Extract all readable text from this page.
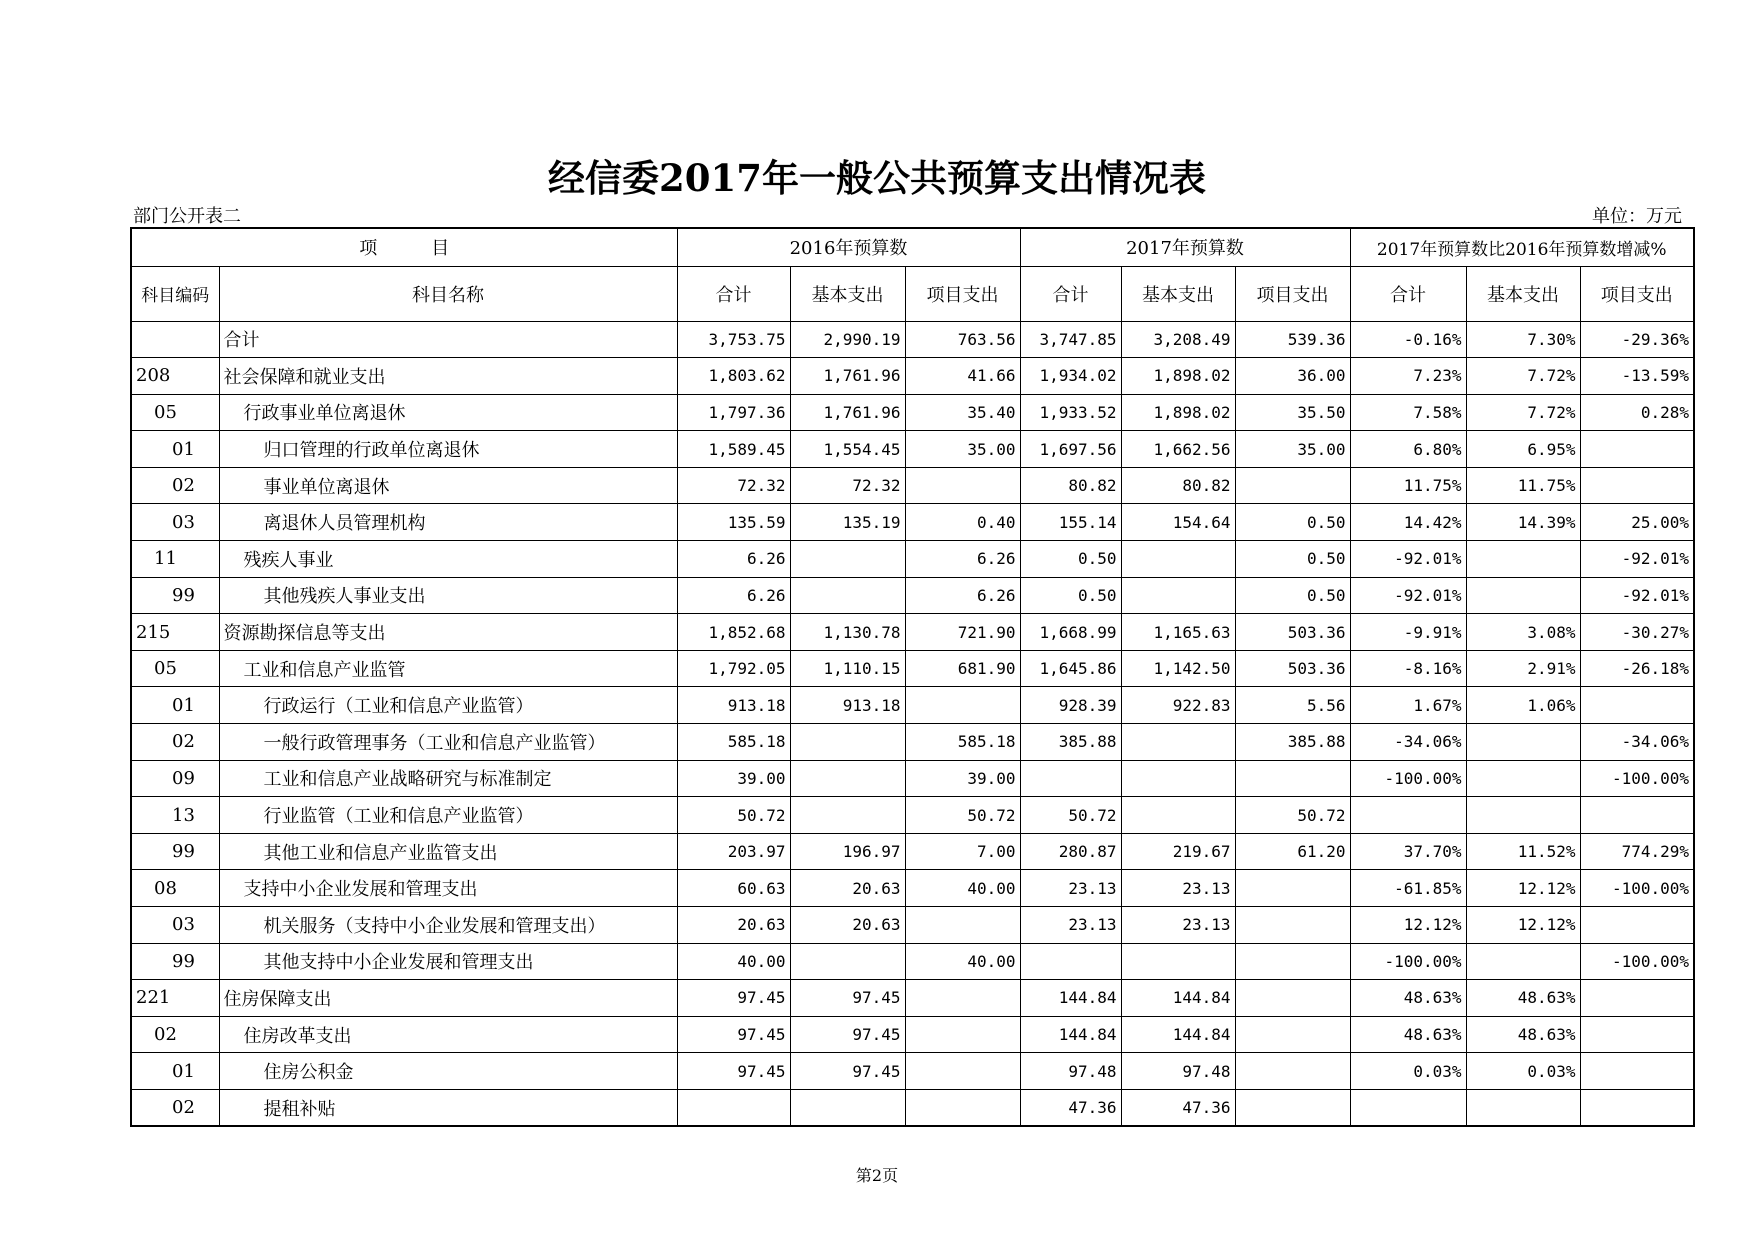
经信委2017年一般公共预算支出情况表
部门公开表二	单位：万元
项　　　目		2016年预算数			2017年预算数			2017年预算数比2016年预算数增减%		
科目编码	科目名称	合计	基本支出	项目支出	合计	基本支出	项目支出	合计	基本支出	项目支出
	合计	3,753.75	2,990.19	763.56	3,747.85	3,208.49	539.36	-0.16%	7.30%	-29.36%
208	社会保障和就业支出	1,803.62	1,761.96	41.66	1,934.02	1,898.02	36.00	7.23%	7.72%	-13.59%
05	行政事业单位离退休	1,797.36	1,761.96	35.40	1,933.52	1,898.02	35.50	7.58%	7.72%	0.28%
01	归口管理的行政单位离退休	1,589.45	1,554.45	35.00	1,697.56	1,662.56	35.00	6.80%	6.95%	
02	事业单位离退休	72.32	72.32		80.82	80.82		11.75%	11.75%	
03	离退休人员管理机构	135.59	135.19	0.40	155.14	154.64	0.50	14.42%	14.39%	25.00%
11	残疾人事业	6.26		6.26	0.50		0.50	-92.01%		-92.01%
99	其他残疾人事业支出	6.26		6.26	0.50		0.50	-92.01%		-92.01%
215	资源勘探信息等支出	1,852.68	1,130.78	721.90	1,668.99	1,165.63	503.36	-9.91%	3.08%	-30.27%
05	工业和信息产业监管	1,792.05	1,110.15	681.90	1,645.86	1,142.50	503.36	-8.16%	2.91%	-26.18%
01	行政运行（工业和信息产业监管）	913.18	913.18		928.39	922.83	5.56	1.67%	1.06%	
02	一般行政管理事务（工业和信息产业监管）	585.18		585.18	385.88		385.88	-34.06%		-34.06%
09	工业和信息产业战略研究与标准制定	39.00		39.00				-100.00%		-100.00%
13	行业监管（工业和信息产业监管）	50.72		50.72	50.72		50.72			
99	其他工业和信息产业监管支出	203.97	196.97	7.00	280.87	219.67	61.20	37.70%	11.52%	774.29%
08	支持中小企业发展和管理支出	60.63	20.63	40.00	23.13	23.13		-61.85%	12.12%	-100.00%
03	机关服务（支持中小企业发展和管理支出）	20.63	20.63		23.13	23.13		12.12%	12.12%	
99	其他支持中小企业发展和管理支出	40.00		40.00				-100.00%		-100.00%
221	住房保障支出	97.45	97.45		144.84	144.84		48.63%	48.63%	
02	住房改革支出	97.45	97.45		144.84	144.84		48.63%	48.63%	
01	住房公积金	97.45	97.45		97.48	97.48		0.03%	0.03%	
02	提租补贴				47.36	47.36				
第2页
